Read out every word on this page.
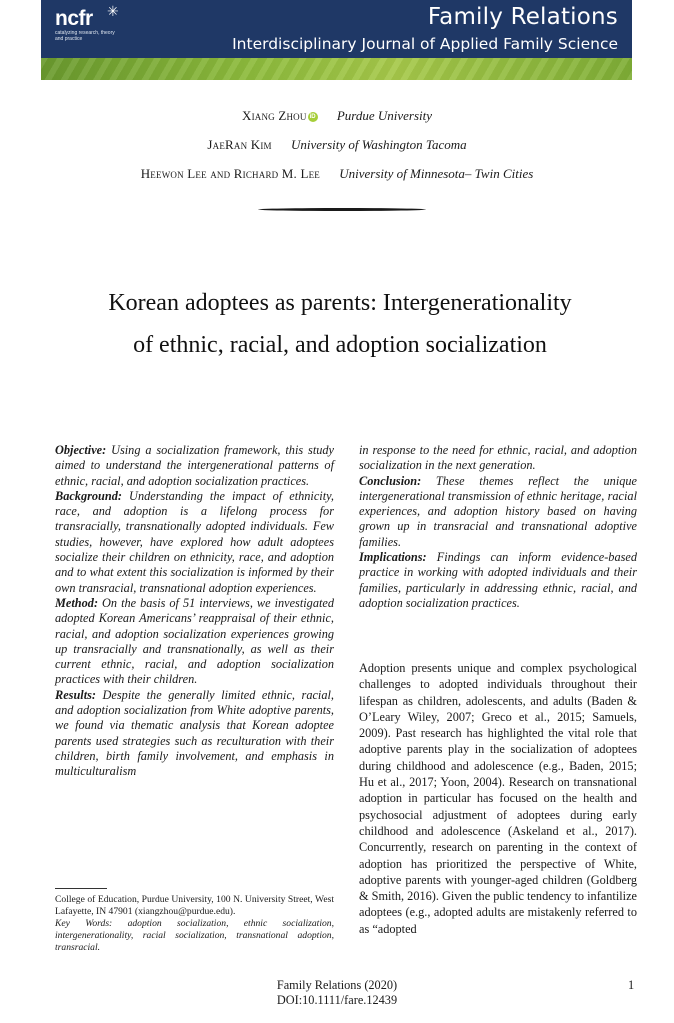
ncfr	✳
catalyzing research, theory and practice
Family Relations
Interdisciplinary Journal of Applied Family Science
Xiang Zhou iD Purdue University
JaeRan Kim University of Washington Tacoma
Heewon Lee and Richard M. Lee University of Minnesota– Twin Cities
Korean adoptees as parents: Intergenerationality
of ethnic, racial, and adoption socialization

Objective: Using a socialization framework, this study aimed to understand the intergenerational patterns of ethnic, racial, and adoption socialization practices.

Background: Understanding the impact of ethnicity, race, and adoption is a lifelong process for transracially, transnationally adopted individuals. Few studies, however, have explored how adult adoptees socialize their children on ethnicity, race, and adoption and to what extent this socialization is informed by their own transracial, transnational adoption experiences.

Method: On the basis of 51 interviews, we investigated adopted Korean Americans’ reappraisal of their ethnic, racial, and adoption socialization experiences growing up transracially and transnationally, as well as their current ethnic, racial, and adoption socialization practices with their children.

Results: Despite the generally limited ethnic, racial, and adoption socialization from White adoptive parents, we found via thematic analysis that Korean adoptee parents used strategies such as reculturation with their children, birth family involvement, and emphasis in multiculturalism

in response to the need for ethnic, racial, and adoption socialization in the next generation.

Conclusion: These themes reflect the unique intergenerational transmission of ethnic heritage, racial experiences, and adoption history based on having grown up in transracial and transnational adoptive families.

Implications: Findings can inform evidence-based practice in working with adopted individuals and their families, particularly in addressing ethnic, racial, and adoption socialization practices.

Adoption presents unique and complex psychological challenges to adopted individuals throughout their lifespan as children, adolescents, and adults (Baden & O’Leary Wiley, 2007; Greco et al., 2015; Samuels, 2009). Past research has highlighted the vital role that adoptive parents play in the socialization of adoptees during childhood and adolescence (e.g., Baden, 2015; Hu et al., 2017; Yoon, 2004). Research on transnational adoption in particular has focused on the health and psychosocial adjustment of adoptees during early childhood and adolescence (Askeland et al., 2017). Concurrently, research on parenting in the context of adoption has prioritized the perspective of White, adoptive parents with younger-aged children (Goldberg & Smith, 2016). Given the public tendency to infantilize adoptees (e.g., adopted adults are mistakenly referred to as “adopted

College of Education, Purdue University, 100 N. University Street, West Lafayette, IN 47901 (xiangzhou@purdue.edu).

Key Words: adoption socialization, ethnic socialization, intergenerationality, racial socialization, transnational adoption, transracial.

Family Relations (2020)
DOI:10.1111/fare.12439
1
